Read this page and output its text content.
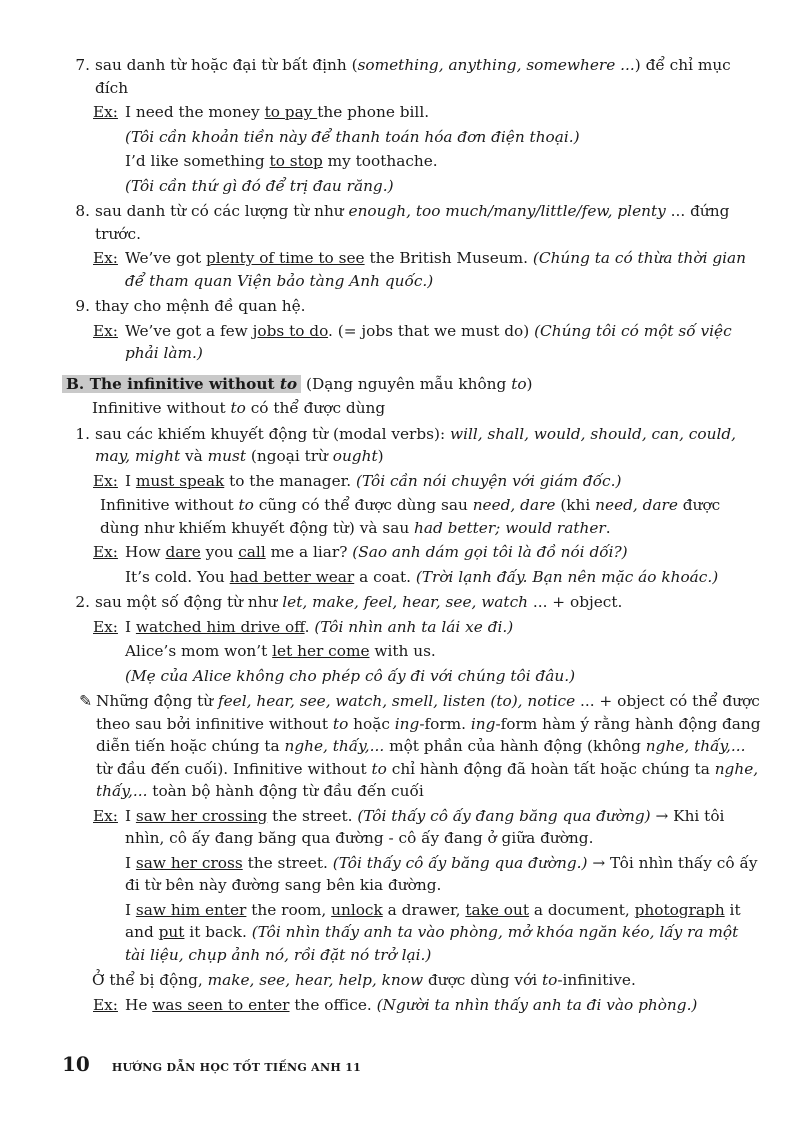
7. sau danh từ hoặc đại từ bất định (something, anything, somewhere ...) để chỉ mục đích
Ex: I need the money to pay the phone bill.
(Tôi cần khoản tiền này để thanh toán hóa đơn điện thoại.)
I’d like something to stop my toothache.
(Tôi cần thứ gì đó để trị đau răng.)
8. sau danh từ có các lượng từ như enough, too much/many/little/few, plenty ... đứng trước.
Ex: We’ve got plenty of time to see the British Museum. (Chúng ta có thừa thời gian để tham quan Viện bảo tàng Anh quốc.)
9. thay cho mệnh đề quan hệ.
Ex: We’ve got a few jobs to do. (= jobs that we must do) (Chúng tôi có một số việc phải làm.)
B. The infinitive without to (Dạng nguyên mẫu không to)
Infinitive without to có thể được dùng
1. sau các khiếm khuyết động từ (modal verbs): will, shall, would, should, can, could, may, might và must (ngoại trừ ought)
Ex: I must speak to the manager. (Tôi cần nói chuyện với giám đốc.)
Infinitive without to cũng có thể được dùng sau need, dare (khi need, dare được dùng như khiếm khuyết động từ) và sau had better; would rather.
Ex: How dare you call me a liar? (Sao anh dám gọi tôi là đồ nói dối?)
It’s cold. You had better wear a coat. (Trời lạnh đấy. Bạn nên mặc áo khoác.)
2. sau một số động từ như let, make, feel, hear, see, watch ... + object.
Ex: I watched him drive off. (Tôi nhìn anh ta lái xe đi.)
Alice’s mom won’t let her come with us.
(Mẹ của Alice không cho phép cô ấy đi với chúng tôi đâu.)
✎ Những động từ feel, hear, see, watch, smell, listen (to), notice ... + object có thể được theo sau bởi infinitive without to hoặc ing-form. ing-form hàm ý rằng hành động đang diễn tiến hoặc chúng ta nghe, thấy,... một phần của hành động (không nghe, thấy,... từ đầu đến cuối). Infinitive without to chỉ hành động đã hoàn tất hoặc chúng ta nghe, thấy,... toàn bộ hành động từ đầu đến cuối
Ex: I saw her crossing the street. (Tôi thấy cô ấy đang băng qua đường) → Khi tôi nhìn, cô ấy đang băng qua đường - cô ấy đang ở giữa đường.
I saw her cross the street. (Tôi thấy cô ấy băng qua đường.) → Tôi nhìn thấy cô ấy đi từ bên này đường sang bên kia đường.
I saw him enter the room, unlock a drawer, take out a document, photograph it and put it back. (Tôi nhìn thấy anh ta vào phòng, mở khóa ngăn kéo, lấy ra một tài liệu, chụp ảnh nó, rồi đặt nó trở lại.)
Ở thể bị động, make, see, hear, help, know được dùng với to-infinitive.
Ex: He was seen to enter the office. (Người ta nhìn thấy anh ta đi vào phòng.)
10 HƯỚNG DẪN HỌC TỐT TIẾNG ANH 11
